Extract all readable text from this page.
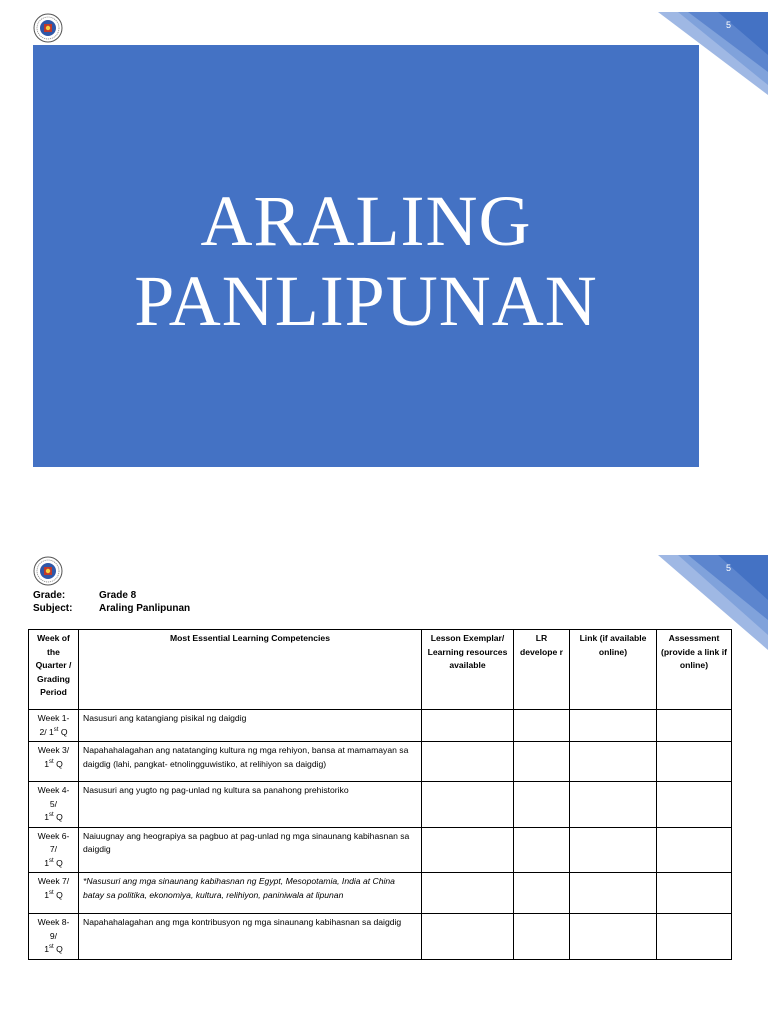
5
ARALING
PANLIPUNAN
5
Grade:	Grade 8
Subject:	Araling Panlipunan
Week of the Quarter / Grading Period	Most Essential Learning Competencies	Lesson Exemplar/ Learning resources available	LR develope r	Link (if available online)	Assessment (provide a link if online)
Week 1-
2/ 1st Q	Nasusuri ang katangiang pisikal ng daigdig				
Week 3/
1st Q	Napahahalagahan ang natatanging kultura ng mga rehiyon, bansa at mamamayan sa daigdig (lahi, pangkat- etnolingguwistiko, at relihiyon sa daigdig)				
Week 4-
5/
1st Q	Nasusuri ang yugto ng pag-unlad ng kultura sa panahong prehistoriko				
Week 6-
7/
1st Q	Naiuugnay ang heograpiya sa pagbuo at pag-unlad ng mga sinaunang kabihasnan sa daigdig				
Week 7/
1st Q	*Nasusuri ang mga sinaunang kabihasnan ng Egypt, Mesopotamia, India at China batay sa politika, ekonomiya, kultura, relihiyon, paniniwala at lipunan				
Week 8-
9/
1st Q	Napahahalagahan ang mga kontribusyon ng mga sinaunang kabihasnan sa daigdig				
